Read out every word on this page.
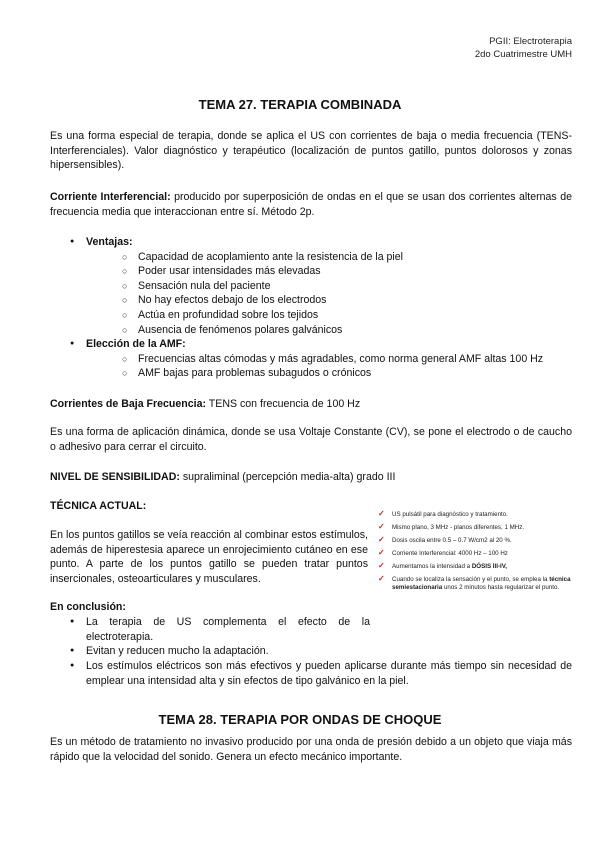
PGII: Electroterapia
2do Cuatrimestre UMH
TEMA 27. TERAPIA COMBINADA
Es una forma especial de terapia, donde se aplica el US con corrientes de baja o media frecuencia (TENS-Interferenciales). Valor diagnóstico y terapéutico (localización de puntos gatillo, puntos dolorosos y zonas hipersensibles).
Corriente Interferencial: producido por superposición de ondas en el que se usan dos corrientes alternas de frecuencia media que interaccionan entre sí. Método 2p.
● Ventajas:
○ Capacidad de acoplamiento ante la resistencia de la piel
○ Poder usar intensidades más elevadas
○ Sensación nula del paciente
○ No hay efectos debajo de los electrodos
○ Actúa en profundidad sobre los tejidos
○ Ausencia de fenómenos polares galvánicos
● Elección de la AMF:
○ Frecuencias altas cómodas y más agradables, como norma general AMF altas 100 Hz
○ AMF bajas para problemas subagudos o crónicos
Corrientes de Baja Frecuencia: TENS con frecuencia de 100 Hz
Es una forma de aplicación dinámica, donde se usa Voltaje Constante (CV), se pone el electrodo o de caucho o adhesivo para cerrar el circuito.
NIVEL DE SENSIBILIDAD: supraliminal (percepción media-alta) grado III
TÉCNICA ACTUAL:
En los puntos gatillos se veía reacción al combinar estos estímulos, además de hiperestesia aparece un enrojecimiento cutáneo en ese punto. A parte de los puntos gatillo se pueden tratar puntos insercionales, osteoarticulares y musculares.
✓ US pulsátil para diagnóstico y tratamiento.
✓ Mismo plano, 3 MHz - planos diferentes, 1 MHz.
✓ Dosis oscila entre 0.5 – 0.7 W/cm2 al 20 %.
✓ Corriente Interferencial: 4000 Hz – 100 Hz
✓ Aumentamos la intensidad a DÓSIS III-IV,
✓ Cuando se localiza la sensación y el punto, se emplea la técnica semiestacionaria unos 2 minutos hasta regularizar el punto.
En conclusión:
● La terapia de US complementa el efecto de la electroterapia.
● Evitan y reducen mucho la adaptación.
● Los estímulos eléctricos son más efectivos y pueden aplicarse durante más tiempo sin necesidad de emplear una intensidad alta y sin efectos de tipo galvánico en la piel.
TEMA 28. TERAPIA POR ONDAS DE CHOQUE
Es un método de tratamiento no invasivo producido por una onda de presión debido a un objeto que viaja más rápido que la velocidad del sonido. Genera un efecto mecánico importante.
